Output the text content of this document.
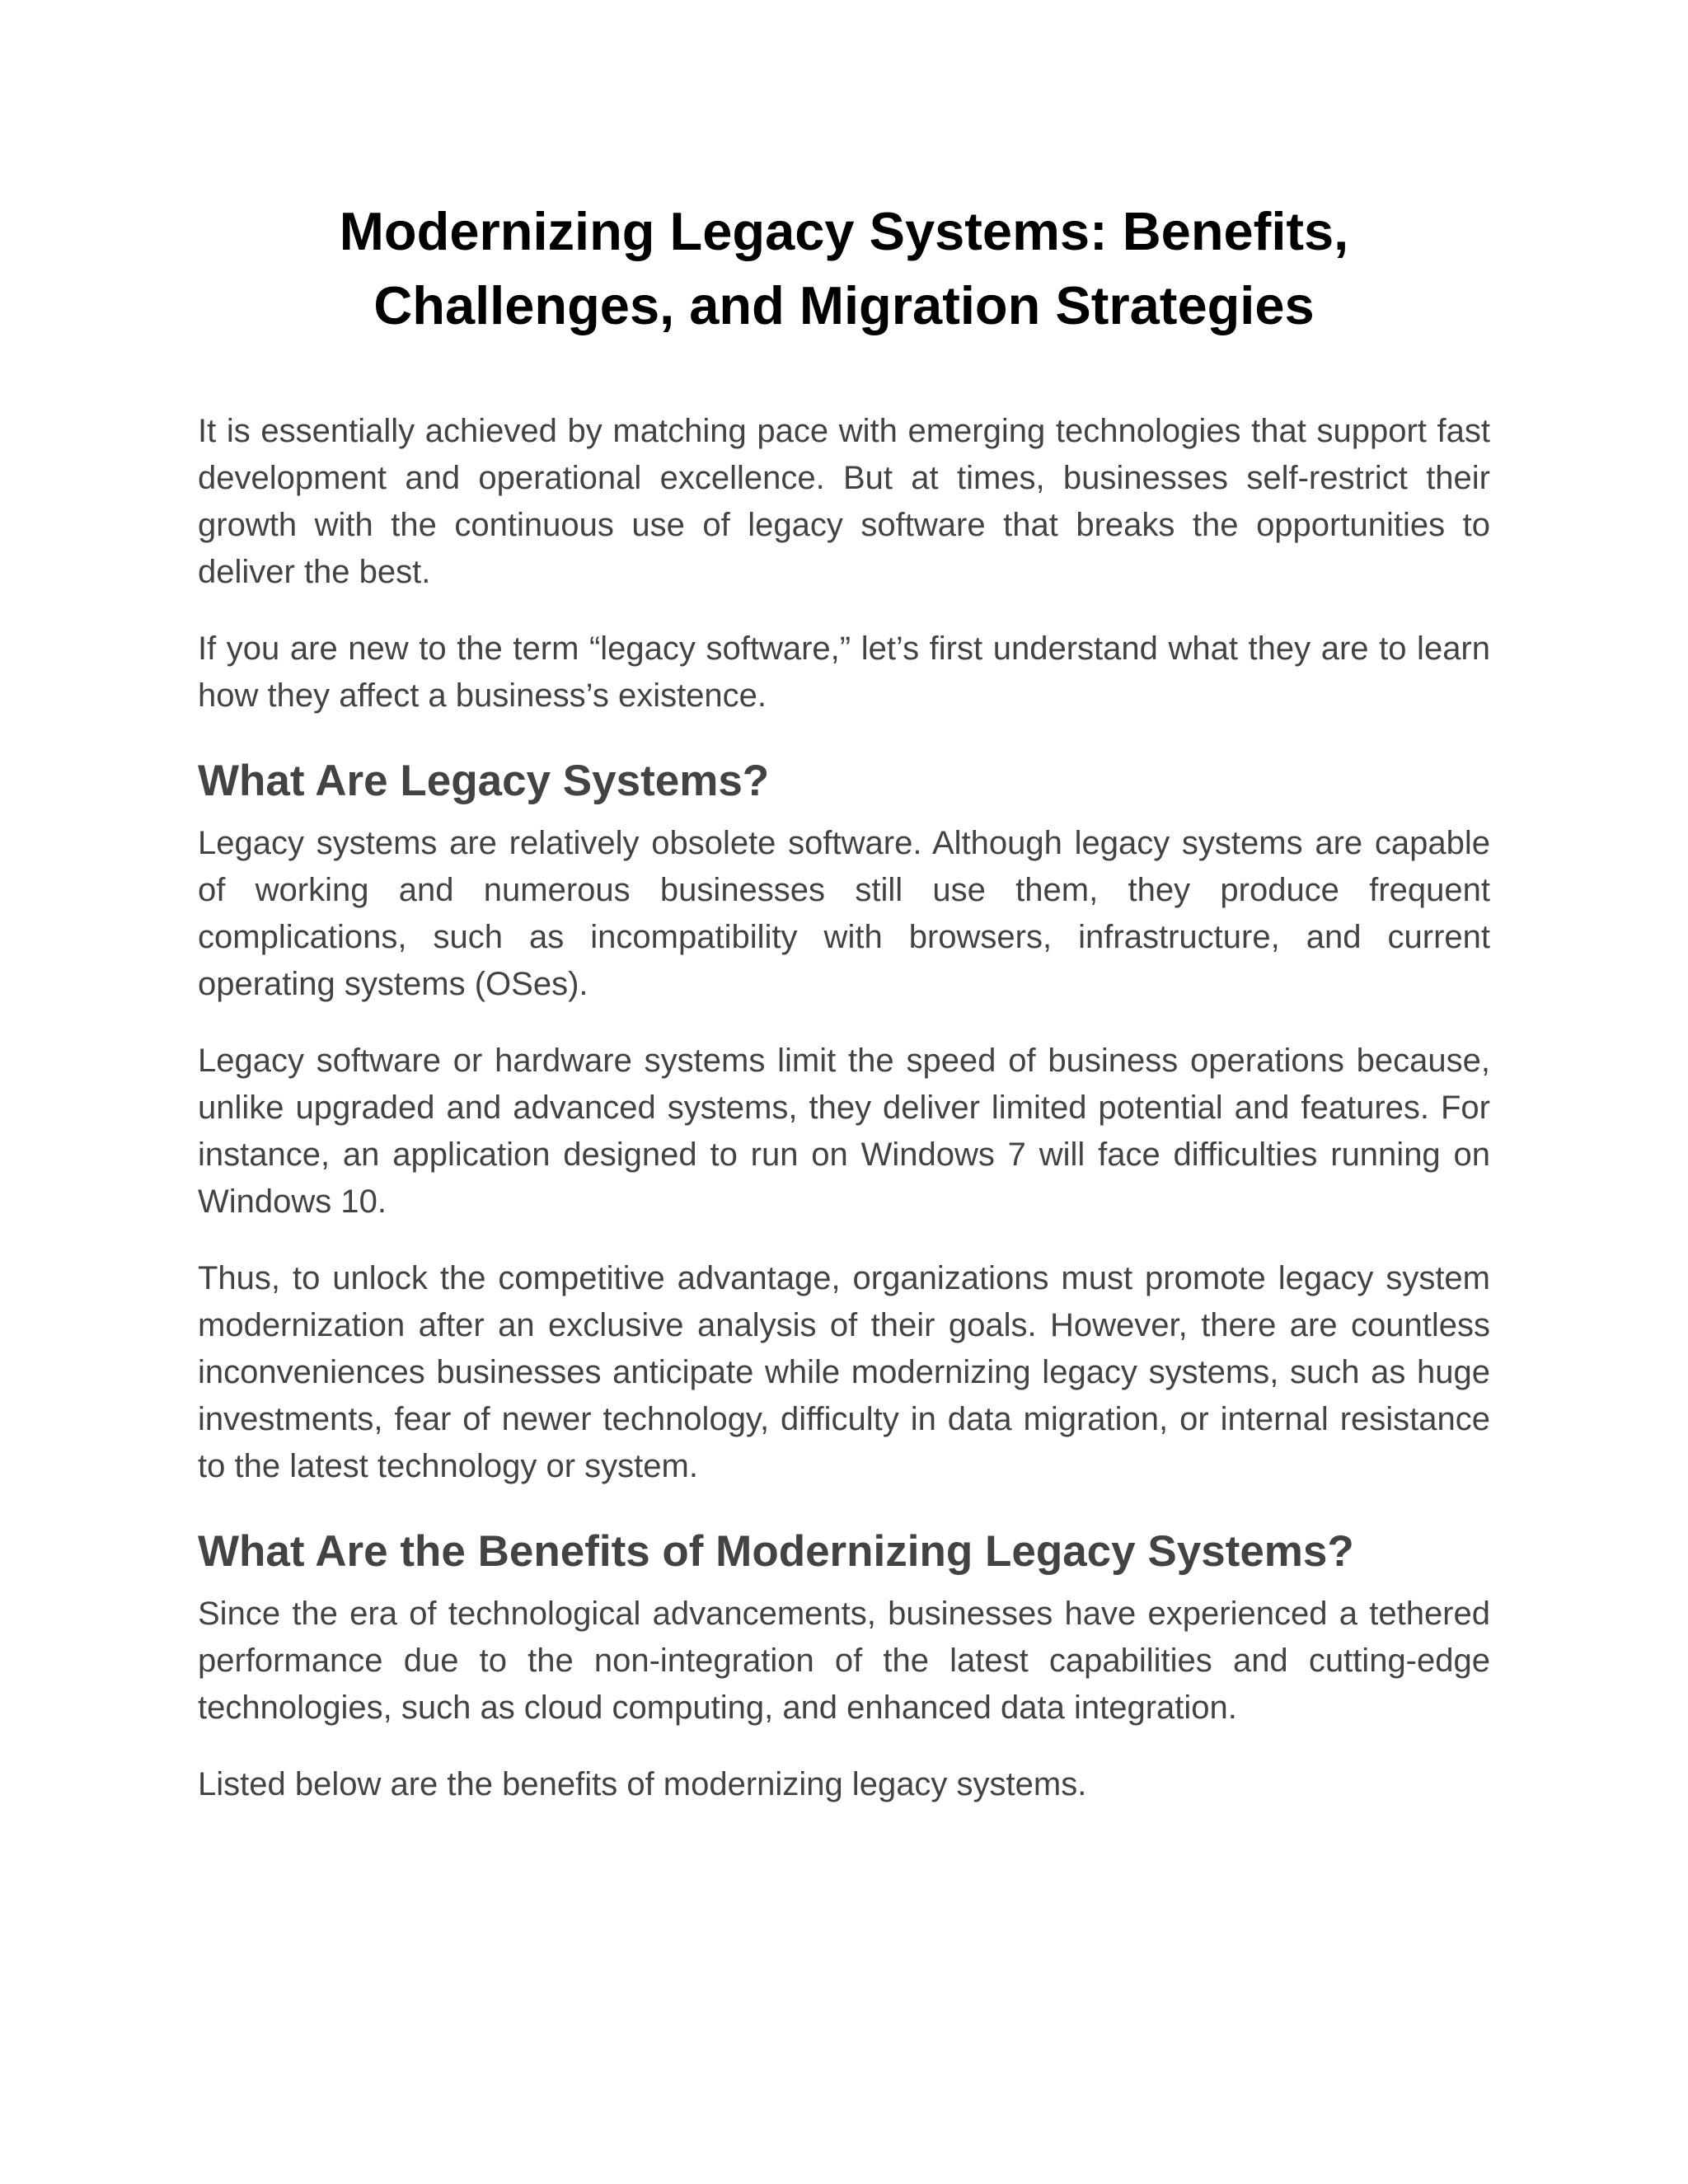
Modernizing Legacy Systems: Benefits,
Challenges, and Migration Strategies

It is essentially achieved by matching pace with emerging technologies that support fast development and operational excellence. But at times, businesses self-restrict their growth with the continuous use of legacy software that breaks the opportunities to deliver the best.

If you are new to the term “legacy software,” let’s first understand what they are to learn how they affect a business’s existence.

What Are Legacy Systems?

Legacy systems are relatively obsolete software. Although legacy systems are capable of working and numerous businesses still use them, they produce frequent complications, such as incompatibility with browsers, infrastructure, and current operating systems (OSes).

Legacy software or hardware systems limit the speed of business operations because, unlike upgraded and advanced systems, they deliver limited potential and features. For instance, an application designed to run on Windows 7 will face difficulties running on Windows 10.

Thus, to unlock the competitive advantage, organizations must promote legacy system modernization after an exclusive analysis of their goals. However, there are countless inconveniences businesses anticipate while modernizing legacy systems, such as huge investments, fear of newer technology, difficulty in data migration, or internal resistance to the latest technology or system.

What Are the Benefits of Modernizing Legacy Systems?

Since the era of technological advancements, businesses have experienced a tethered performance due to the non-integration of the latest capabilities and cutting-edge technologies, such as cloud computing, and enhanced data integration.

Listed below are the benefits of modernizing legacy systems.
